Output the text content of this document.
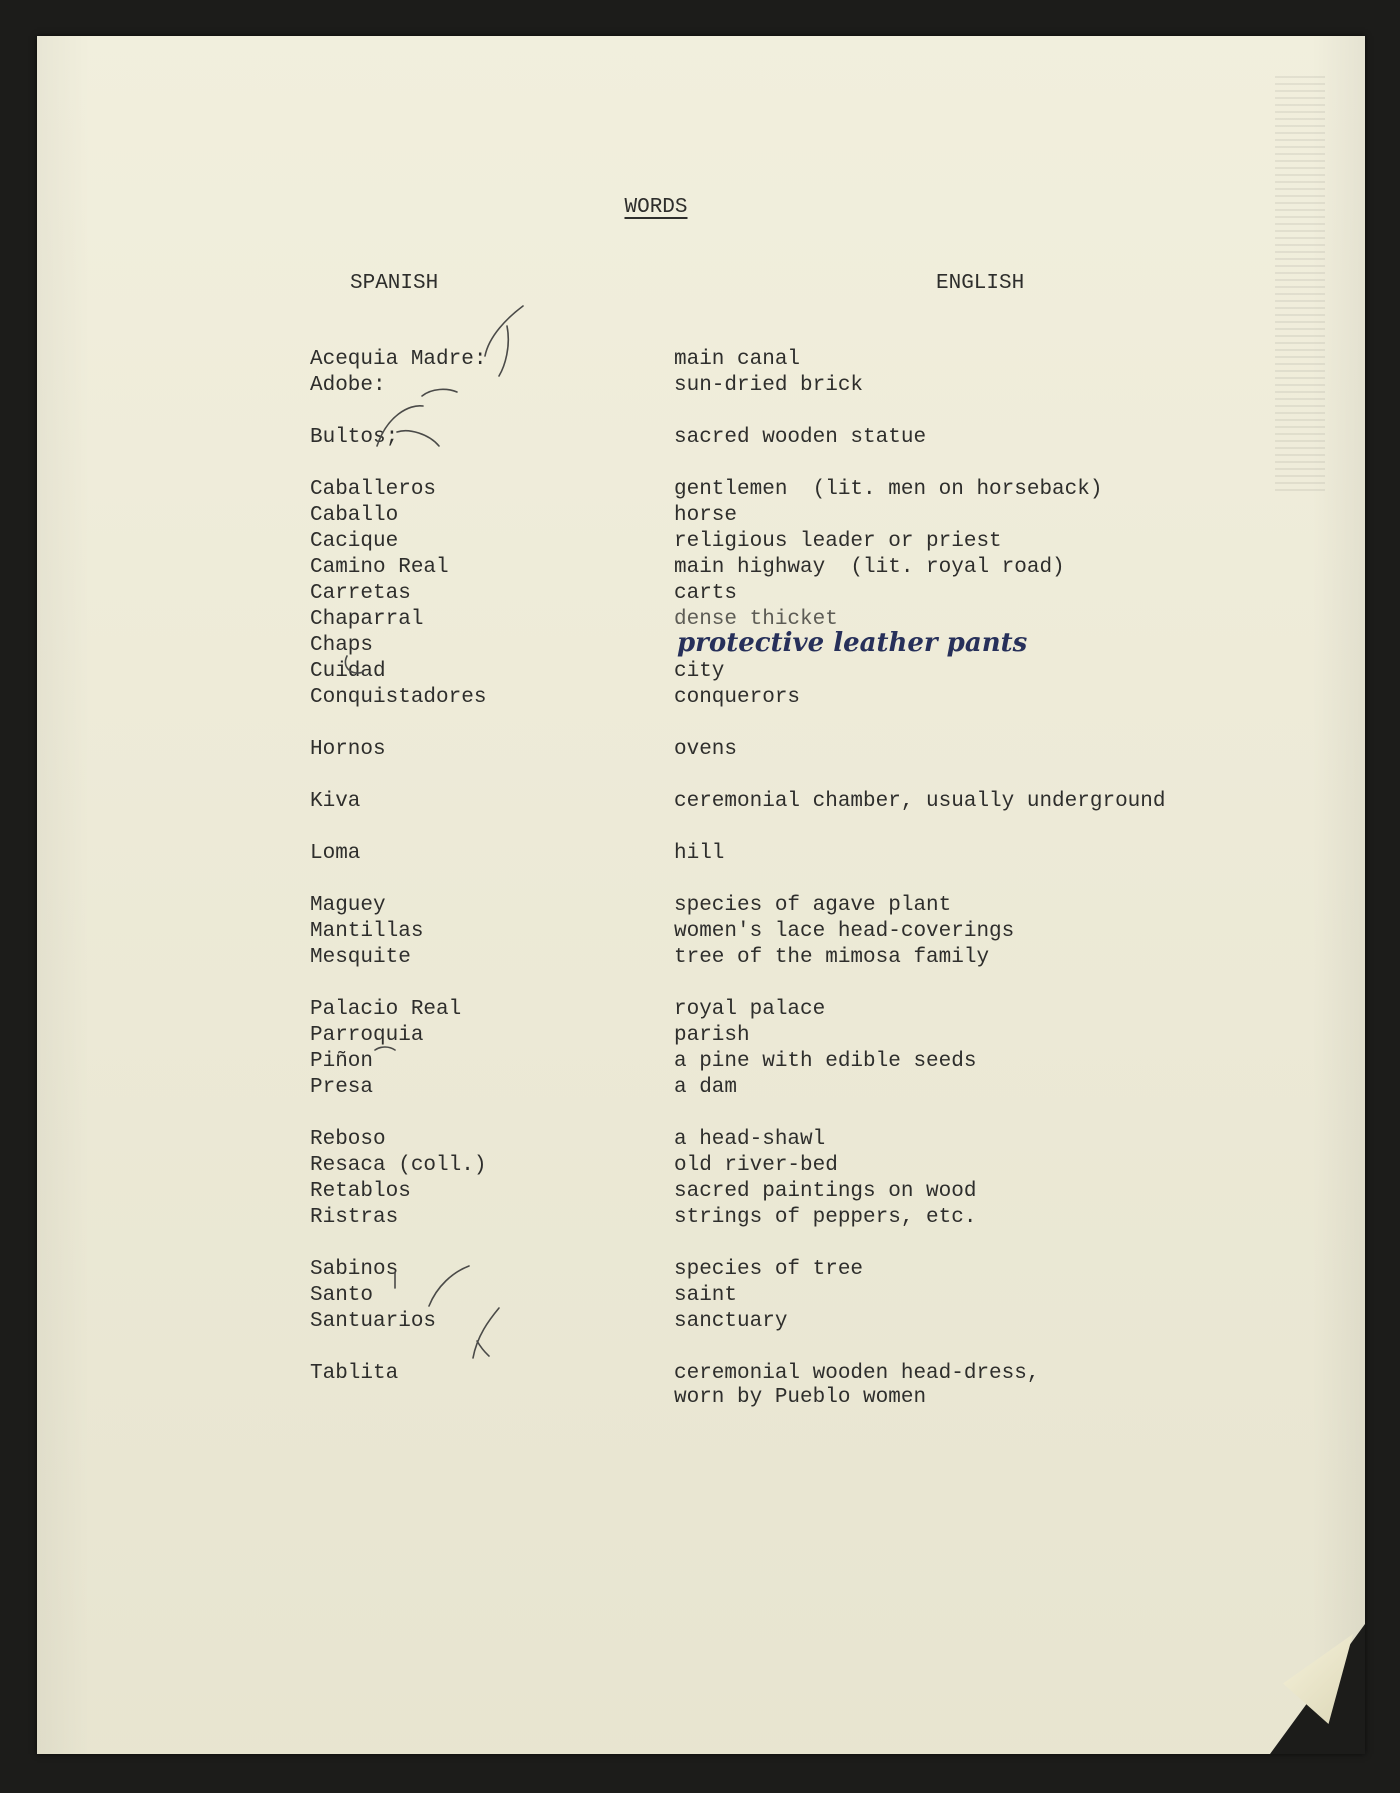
WORDS
SPANISH	ENGLISH
Acequia Madre:	main canal
Adobe:	sun-dried brick
Bultos;	sacred wooden statue
Caballeros	gentlemen  (lit. men on horseback)
Caballo	horse
Cacique	religious leader or priest
Camino Real	main highway  (lit. royal road)
Carretas	carts
Chaparral	dense thicket
Chaps	protective leather pants
Cuidad	city
Conquistadores	conquerors
Hornos	ovens
Kiva	ceremonial chamber, usually underground
Loma	hill
Maguey	species of agave plant
Mantillas	women's lace head-coverings
Mesquite	tree of the mimosa family
Palacio Real	royal palace
Parroquia	parish
Piñon	a pine with edible seeds
Presa	a dam
Reboso	a head-shawl
Resaca (coll.)	old river-bed
Retablos	sacred paintings on wood
Ristras	strings of peppers, etc.
Sabinos	species of tree
Santo	saint
Santuarios	sanctuary
Tablita	ceremonial wooden head-dress,
worn by Pueblo women
